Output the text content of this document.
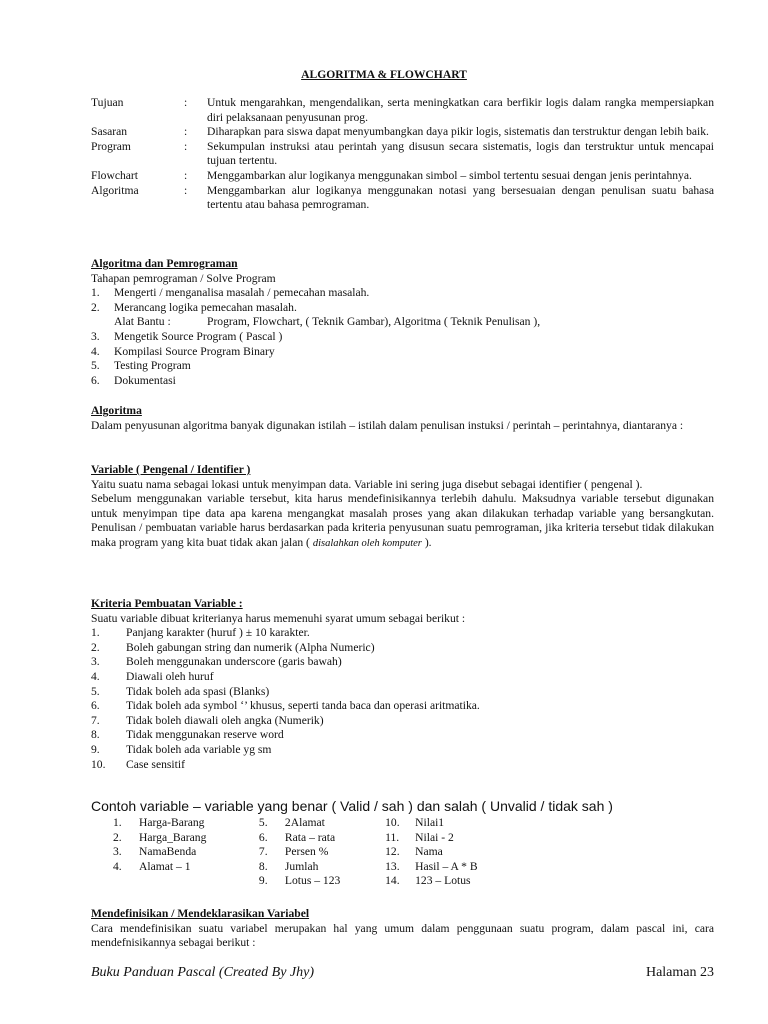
ALGORITMA & FLOWCHART
Tujuan	:	Untuk mengarahkan, mengendalikan, serta meningkatkan cara berfikir logis dalam rangka mempersiapkan diri pelaksanaan penyusunan prog.
Sasaran	:	Diharapkan para siswa dapat menyumbangkan daya pikir logis, sistematis dan terstruktur dengan lebih baik.
Program	:	Sekumpulan instruksi atau perintah yang disusun secara sistematis, logis dan terstruktur untuk mencapai tujuan tertentu.
Flowchart	:	Menggambarkan alur logikanya menggunakan simbol – simbol tertentu sesuai dengan jenis perintahnya.
Algoritma	:	Menggambarkan alur logikanya menggunakan notasi yang bersesuaian dengan penulisan suatu bahasa tertentu atau bahasa pemrograman.
Algoritma dan Pemrograman
Tahapan pemrograman / Solve Program
1.	Mengerti / menganalisa masalah / pemecahan masalah.
2.	Merancang logika pemecahan masalah.
Alat Bantu :	Program, Flowchart, ( Teknik Gambar), Algoritma ( Teknik Penulisan ),
3.	Mengetik Source Program ( Pascal )
4.	Kompilasi Source Program Binary
5.	Testing Program
6.	Dokumentasi
Algoritma
Dalam penyusunan algoritma banyak digunakan istilah – istilah dalam penulisan instuksi / perintah – perintahnya, diantaranya :
Variable ( Pengenal / Identifier )
Yaitu suatu nama sebagai lokasi untuk menyimpan data. Variable ini sering juga disebut sebagai identifier ( pengenal ).
Sebelum menggunakan variable tersebut, kita harus mendefinisikannya terlebih dahulu. Maksudnya variable tersebut digunakan untuk menyimpan tipe data apa karena mengangkat masalah proses yang akan dilakukan terhadap variable yang bersangkutan. Penulisan / pembuatan variable harus berdasarkan pada kriteria penyusunan suatu pemrograman, jika kriteria tersebut tidak dilakukan maka program yang kita buat tidak akan jalan ( disalahkan oleh komputer ).
Kriteria Pembuatan Variable :
Suatu variable dibuat kriterianya harus memenuhi syarat umum sebagai berikut :
1.	Panjang karakter (huruf ) ± 10 karakter.
2.	Boleh gabungan string dan numerik (Alpha Numeric)
3.	Boleh menggunakan underscore (garis bawah)
4.	Diawali oleh huruf
5.	Tidak boleh ada spasi (Blanks)
6.	Tidak boleh ada symbol ‘’ khusus, seperti tanda baca dan operasi aritmatika.
7.	Tidak boleh diawali oleh angka (Numerik)
8.	Tidak menggunakan reserve word
9.	Tidak boleh ada variable yg sm
10.	Case sensitif
Contoh variable – variable yang benar ( Valid / sah ) dan salah ( Unvalid / tidak sah )
1.	Harga-Barang
2.	Harga_Barang
3.	NamaBenda
4.	Alamat – 1
5.	2Alamat
6.	Rata – rata
7.	Persen %
8.	Jumlah
9.	Lotus – 123
10.	Nilai1
11.	Nilai - 2
12.	Nama
13.	Hasil – A * B
14.	123 – Lotus
Mendefinisikan / Mendeklarasikan Variabel
Cara mendefinisikan suatu variabel merupakan hal yang umum dalam penggunaan suatu program, dalam pascal ini, cara mendefnisikannya sebagai berikut :
Buku Panduan Pascal (Created By Jhy)	Halaman 23
